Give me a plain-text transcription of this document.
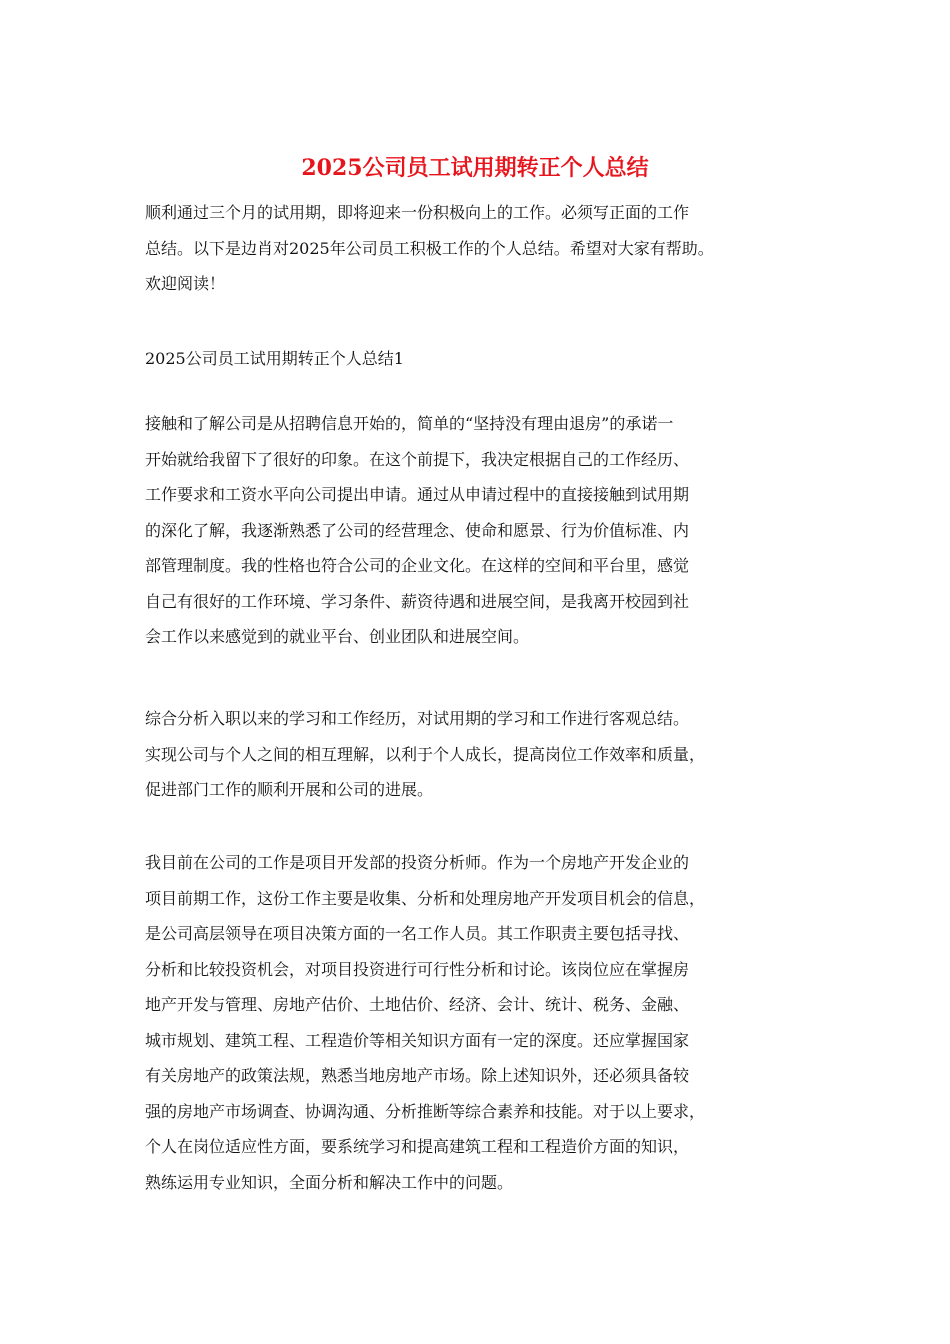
2025公司员工试用期转正个人总结

顺利通过三个月的试用期，即将迎来一份积极向上的工作。必须写正面的工作
总结。以下是边肖对2025年公司员工积极工作的个人总结。希望对大家有帮助。
欢迎阅读！

2025公司员工试用期转正个人总结1

接触和了解公司是从招聘信息开始的，简单的“坚持没有理由退房”的承诺一
开始就给我留下了很好的印象。在这个前提下，我决定根据自己的工作经历、
工作要求和工资水平向公司提出申请。通过从申请过程中的直接接触到试用期
的深化了解，我逐渐熟悉了公司的经营理念、使命和愿景、行为价值标准、内
部管理制度。我的性格也符合公司的企业文化。在这样的空间和平台里，感觉
自己有很好的工作环境、学习条件、薪资待遇和进展空间，是我离开校园到社
会工作以来感觉到的就业平台、创业团队和进展空间。

综合分析入职以来的学习和工作经历，对试用期的学习和工作进行客观总结。
实现公司与个人之间的相互理解，以利于个人成长，提高岗位工作效率和质量，
促进部门工作的顺利开展和公司的进展。

我目前在公司的工作是项目开发部的投资分析师。作为一个房地产开发企业的
项目前期工作，这份工作主要是收集、分析和处理房地产开发项目机会的信息，
是公司高层领导在项目决策方面的一名工作人员。其工作职责主要包括寻找、
分析和比较投资机会，对项目投资进行可行性分析和讨论。该岗位应在掌握房
地产开发与管理、房地产估价、土地估价、经济、会计、统计、税务、金融、
城市规划、建筑工程、工程造价等相关知识方面有一定的深度。还应掌握国家
有关房地产的政策法规，熟悉当地房地产市场。除上述知识外，还必须具备较
强的房地产市场调查、协调沟通、分析推断等综合素养和技能。对于以上要求，
个人在岗位适应性方面，要系统学习和提高建筑工程和工程造价方面的知识，
熟练运用专业知识，全面分析和解决工作中的问题。
